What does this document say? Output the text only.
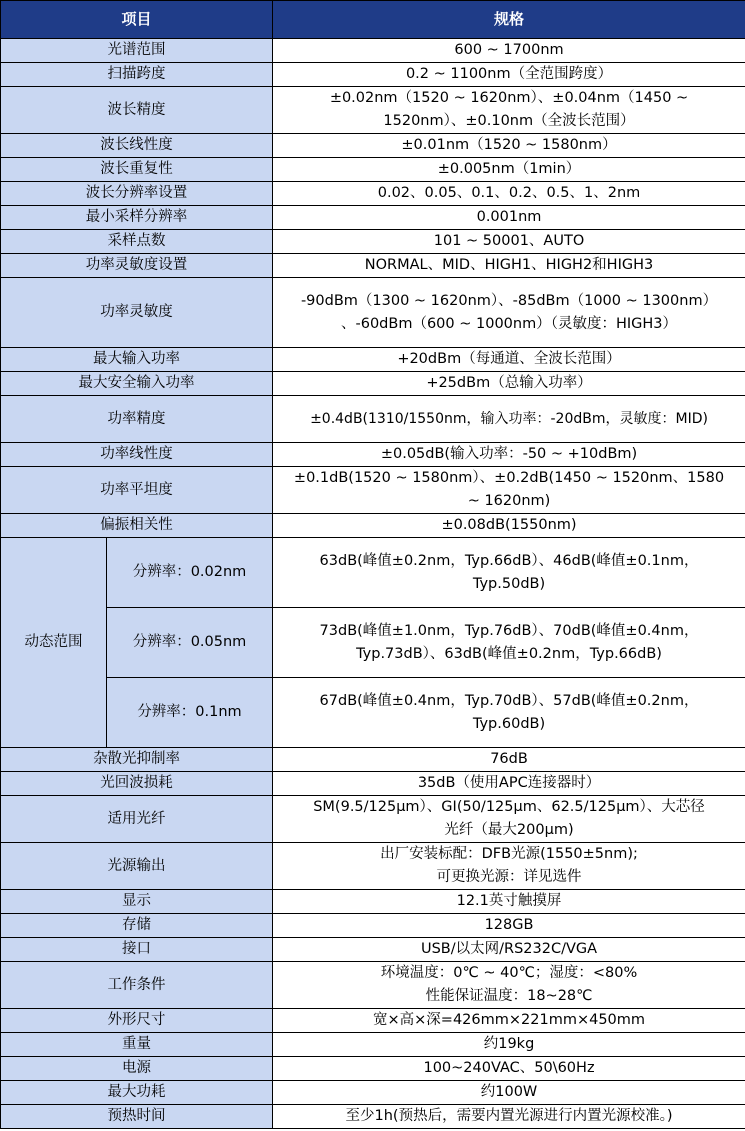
项目		规格
光谱范围		600 ~ 1700nm
扫描跨度		0.2 ~ 1100nm（全范围跨度）
波长精度		±0.02nm（1520 ~ 1620nm）、±0.04nm（1450 ~
1520nm）、±0.10nm（全波长范围）

波长线性度		±0.01nm（1520 ~ 1580nm）
波长重复性		±0.005nm（1min）
波长分辨率设置		0.02、0.05、0.1、0.2、0.5、1、2nm
最小采样分辨率		0.001nm
采样点数		101 ~ 50001、AUTO
功率灵敏度设置		NORMAL、MID、HIGH1、HIGH2和HIGH3
功率灵敏度		-90dBm（1300 ~ 1620nm）、-85dBm（1000 ~ 1300nm）
、-60dBm（600 ~ 1000nm）（灵敏度：HIGH3）

最大输入功率		+20dBm（每通道、全波长范围）
最大安全输入功率		+25dBm（总输入功率）
功率精度		±0.4dB(1310/1550nm，输入功率：-20dBm，灵敏度：MID)
功率线性度		±0.05dB(输入功率：-50 ~ +10dBm)
功率平坦度		±0.1dB(1520 ~ 1580nm）、±0.2dB(1450 ~ 1520nm、1580
~ 1620nm)

偏振相关性		±0.08dB(1550nm)
动态范围	分辨率：0.02nm	63dB(峰值±0.2nm，Typ.66dB）、46dB(峰值±0.1nm，
Typ.50dB)

	分辨率：0.05nm	73dB(峰值±1.0nm，Typ.76dB）、70dB(峰值±0.4nm，
Typ.73dB）、63dB(峰值±0.2nm，Typ.66dB)

	分辨率：0.1nm	67dB(峰值±0.4nm，Typ.70dB）、57dB(峰值±0.2nm，
Typ.60dB)

杂散光抑制率		76dB
光回波损耗		35dB（使用APC连接器时）
适用光纤		SM(9.5/125μm）、GI(50/125μm、62.5/125μm）、大芯径
光纤（最大200μm)

光源输出		出厂安装标配：DFB光源(1550±5nm);
可更换光源：详见选件

显示		12.1英寸触摸屏
存储		128GB
接口		USB/以太网/RS232C/VGA
工作条件		环境温度：0℃ ~ 40℃；湿度：<80%
性能保证温度：18~28℃

外形尺寸		宽×高×深=426mm×221mm×450mm
重量		约19kg
电源		100~240VAC、50\60Hz
最大功耗		约100W
预热时间		至少1h(预热后，需要内置光源进行内置光源校准。)
